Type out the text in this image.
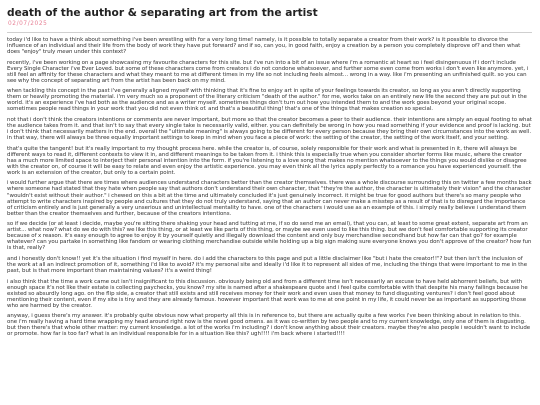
death of the author & separating art from the artist
02/07/2025

today i'd like to have a think about something i've been wrestling with for a very long time! namely, is it possible to totally separate a creator from their work? is it possible to divorce the influence of an individual and their life from the body of work they have put forward? and if so, can you, in good faith, enjoy a creation by a person you completely disprove of? and then what does "enjoy" truly mean under this context?

recently, i've been working on a page showcasing my favourite characters for this site. but i've run into a bit of an issue where i'm a romantic at heart so i feel disingenuous if i don't include Every Single Character i've Ever Loved. but some of these characters come from creators i do not condone whatsoever, and further some even come from works i don't even like anymore. yet, i still feel an affinity for these characters and what they meant to me at different times in my life so not including feels almost... wrong in a way. like i'm presenting an unfinished quilt. so you can see why the concept of separating art from the artist has been back on my mind.

when tackling this concept in the past i've generally aligned myself with thinking that it's fine to enjoy art in spite of your feelings towards its creator, so long as you aren't directly supporting them or heavily promoting the material. i'm very much so a proponent of the literary criticism "death of the author." for me, works take on an entirely new life the second they are put out in the world. it's an experience i've had both as the audience and as a writer myself. sometimes things don't turn out how you intended them to and the work goes beyond your original scope. sometimes people read things in your work that you did not even think of. and that's a beautiful thing! that's one of the things that makes creation so special.

not that i don't think the creators intentions or comments are never important, but more so that the creator becomes a peer to their audience. their intentions are simply an equal footing to what the audience takes from it. and that isn't to say that every single take is necessarily valid, either. you can definitely be wrong in how you read something if your evidence and proof is lacking. but i don't think that necessarily matters in the end. overall the "ultimate meaning" is always going to be different for every person because they bring their own circumstances into the work as well. in that way, there will always be three equally important settings to keep in mind when you face a piece of work: the setting of the creator, the setting of the work itself, and your setting.

that's quite the tangent! but it's really important to my thought process here. while the creator is, of course, solely responsible for their work and what is presented in it, there will always be different ways to read it, different contexts to view it in, and different meanings to be taken from it. i think this is especially true when you consider shorter forms like music, where the creator has a much more limited space to interject their personal intention into the form. if you're listening to a love song that makes no mention whatsoever to the things you would dislike or disagree with the creator on, of course it will be easy to relate and even enjoy the artistic experience. you may even think all the lyrics apply perfectly to a romance you have experienced yourself. the work is an extension of the creator, but only to a certain point.

i would further argue that there are times where audiences understand characters better than the creator themselves. there was a whole discourse surrounding this on twitter a few months back where someone had stated that they hate when people say that authors don't understand their own character, that "they're the author, the character is ultimately their vision" and the character "wouldn't exist without their author." i chewed on this a bit at the time and ultimately concluded it's just genuinely incorrect. it might be true for good authors but there's so many people who attempt to write characters inspired by people and cultures that they do not truly understand, saying that an author can never make a misstep as a result of that is to disregard the importance of criticism entirely and is just generally a very unserious and unintellectual mentality to have. one of the characters i would use as an example of this. i simply really believe i understand them better than the creator themselves and further, because of the creators intentions.

so if we decide (or at least i decide, maybe you're sitting there shaking your head and tutting at me, if so do send me an email), that you can, at least to some great extent, separate art from an artist... what now? what do we do with this? we like this thing, or at least we like parts of this thing, or maybe we even used to like this thing. but we don't feel comfortable supporting its creator because of x reason. it's easy enough to agree to enjoy it by yourself quietly and illegally download the content and only buy merchandise secondhand but how far can that go? for example whatever? can you partake in something like fandom or wearing clothing merchandise outside while holding up a big sign making sure everyone knows you don't approve of the creator? how fun is that, really?

and i honestly don't know!! yet it's the situation i find myself in here. do i add the characters to this page and put a little disclaimer like "but i hate the creator!!"? but then isn't the inclusion of the work at all an indirect promotion of it, something i'd like to avoid? it's my personal site and ideally i'd like it to represent all sides of me, including the things that were important to me in the past, but is that more important than maintaining values? it's a weird thing!

i also think that the time a work came out isn't insignificant to this discussion. obviously being old and from a different time isn't necessarily an excuse to have held abhorrent beliefs, but with enough space it's not like their estate is collecting paychecks, you know? my site is named after a shakespeare quote and i feel quite comfortable with that despite his many failings because he existed so absurdly long ago. on the flip side, a creator that still exists and still receives money for their work and even uses that money to fund disgusting ventures? i don't feel good about mentioning their content, even if my site is tiny and they are already famous. however important that work was to me at one point in my life, it could never be as important as supporting those who are harmed by the creator.

anyway, i guess there's my answer. it's probably quite obvious now what property all this is in reference to, but there are actually quite a few works i've been thinking about in relation to this. one i'm really having a hard time wrapping my head around right now is the novel good omens. as it was co-written by two people and to my current knowledge, only one of them is disgusting. but then there's that whole other matter: my current knowledge. a lot of the works i'm including? i don't know anything about their creators. maybe they're also people i wouldn't want to include or promote. how far is too far? what is an individual responsible for in a situation like this? ugh!!!! i'm back where i started!!!!
